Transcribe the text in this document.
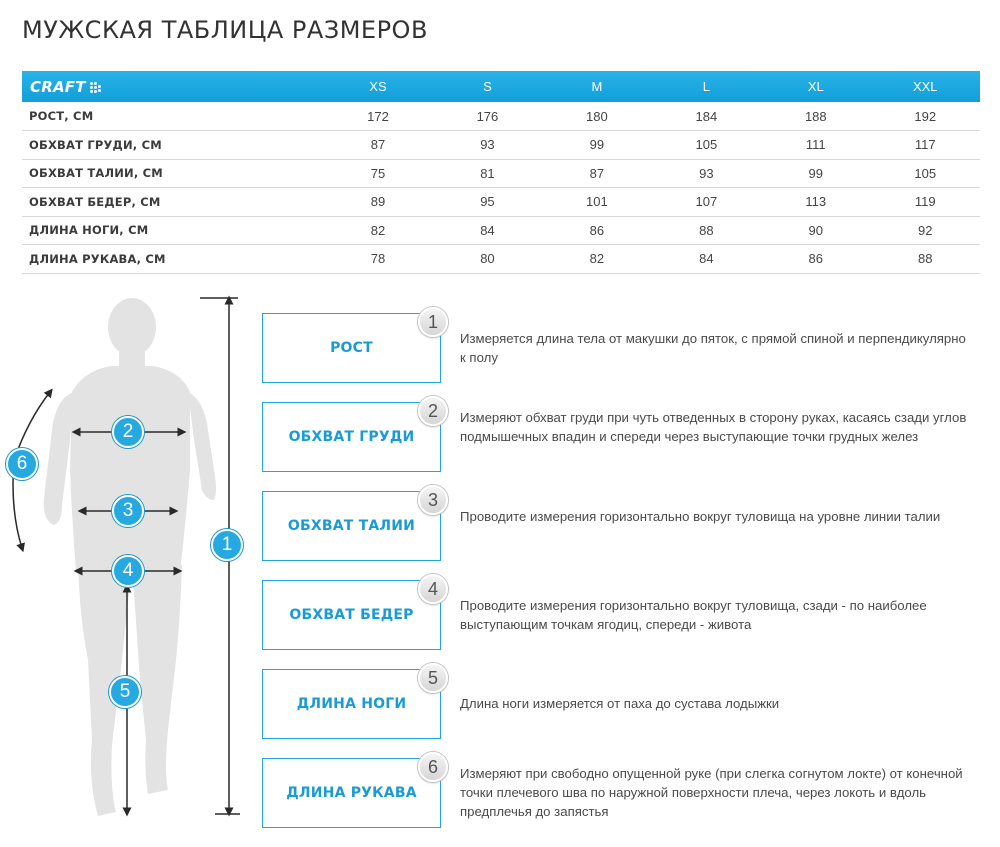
МУЖСКАЯ ТАБЛИЦА РАЗМЕРОВ
CRAFT	XS	S	M	L	XL	XXL
РОСТ, СМ	172	176	180	184	188	192
ОБХВАТ ГРУДИ, СМ	87	93	99	105	111	117
ОБХВАТ ТАЛИИ, СМ	75	81	87	93	99	105
ОБХВАТ БЕДЕР, СМ	89	95	101	107	113	119
ДЛИНА НОГИ, СМ	82	84	86	88	90	92
ДЛИНА РУКАВА, СМ	78	80	82	84	86	88
1
2
3
4
5
6
РОСТ
1

Измеряется длина тела от макушки до пяток, с прямой спиной и перпендикулярно к полу

ОБХВАТ ГРУДИ
2	Измеряют обхват груди при чуть отведенных в сторону руках, касаясь сзади углов подмышечных впадин и спереди через выступающие точки грудных желез

ОБХВАТ ТАЛИИ
3

Проводите измерения горизонтально вокруг туловища на уровне линии талии

ОБХВАТ БЕДЕР
4

Проводите измерения горизонтально вокруг туловища, сзади - по наиболее выступающим точкам ягодиц, спереди - живота

ДЛИНА НОГИ
5

Длина ноги измеряется от паха до сустава лодыжки

ДЛИНА РУКАВА
6	Измеряют при свободно опущенной руке (при слегка согнутом локте) от конечной точки плечевого шва по наружной поверхности плеча, через локоть и вдоль предплечья до запястья
